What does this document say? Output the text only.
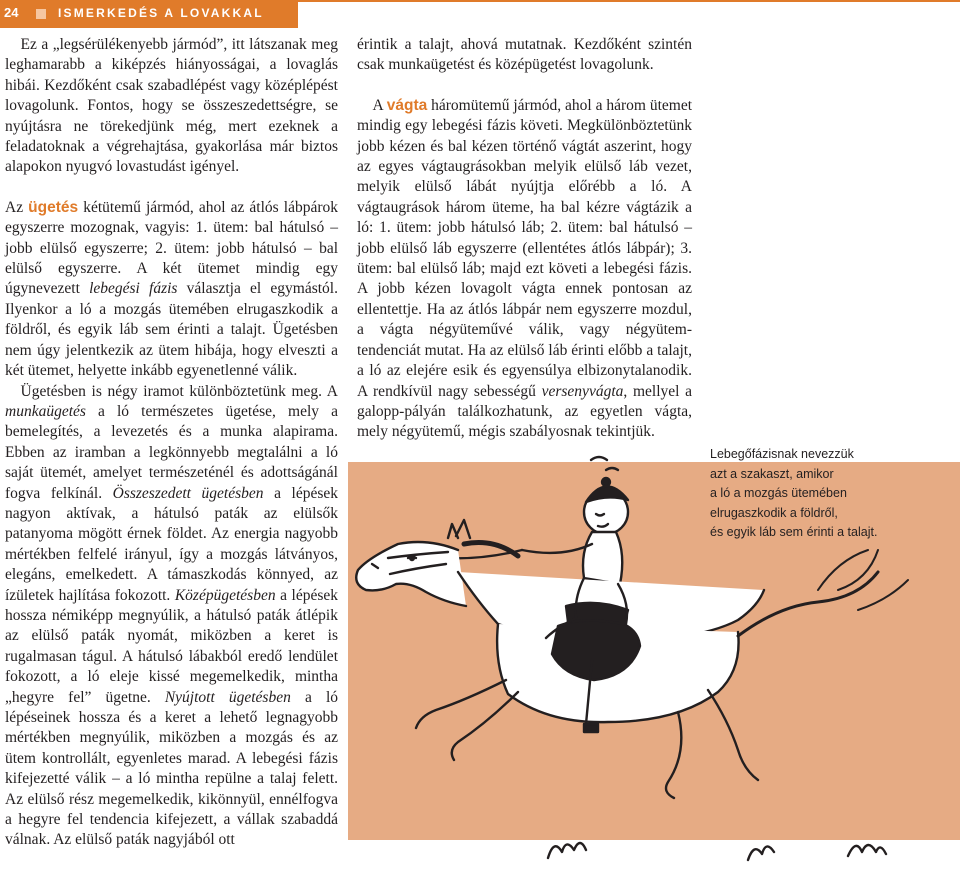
24	ISMERKEDÉS A LOVAKKAL

Ez a „legsérülékenyebb jármód”, itt látszanak meg leghamarabb a kiképzés hiányosságai, a lovaglás hibái. Kezdőként csak szabadlépést vagy középlépést lovagolunk. Fontos, hogy se összeszedettségre, se nyújtásra ne törekedjünk még, mert ezeknek a feladatoknak a végrehajtása, gyakorlása már biztos alapokon nyugvó lovastudást igényel.

Az ügetés kétütemű jármód, ahol az átlós lábpárok egyszerre mozognak, vagyis: 1. ütem: bal hátulsó – jobb elülső egyszerre; 2. ütem: jobb hátulsó – bal elülső egyszerre. A két ütemet mindig egy úgynevezett lebegési fázis választja el egymástól. Ilyenkor a ló a mozgás ütemében elrugaszkodik a földről, és egyik láb sem érinti a talajt. Ügetésben nem úgy jelentkezik az ütem hibája, hogy elveszti a két ütemet, helyette inkább egyenetlenné válik.

Ügetésben is négy iramot különböztetünk meg. A munkaügetés a ló természetes ügetése, mely a bemelegítés, a levezetés és a munka alapirama. Ebben az iramban a legkönnyebb megtalálni a ló saját ütemét, amelyet természeténél és adottságánál fogva felkínál. Összeszedett ügetésben a lépések nagyon aktívak, a hátulsó paták az elülsők patanyoma mögött érnek földet. Az energia nagyobb mértékben felfelé irányul, így a mozgás látványos, elegáns, emelkedett. A támaszkodás könnyed, az ízületek hajlítása fokozott. Középügetésben a lépések hossza némiképp megnyúlik, a hátulsó paták átlépik az elülső paták nyomát, miközben a keret is rugalmasan tágul. A hátulsó lábakból eredő lendület fokozott, a ló eleje kissé megemelkedik, mintha „hegyre fel” ügetne. Nyújtott ügetésben a ló lépéseinek hossza és a keret a lehető legnagyobb mértékben megnyúlik, miközben a mozgás és az ütem kontrollált, egyenletes marad. A lebegési fázis kifejezetté válik – a ló mintha repülne a talaj felett. Az elülső rész megemelkedik, kikönnyül, ennélfogva a hegyre fel tendencia kifejezett, a vállak szabaddá válnak. Az elülső paták nagyjából ott

érintik a talajt, ahová mutatnak. Kezdőként szintén csak munkaügetést és középügetést lovagolunk.

A vágta háromütemű jármód, ahol a három ütemet mindig egy lebegési fázis követi. Megkülönböztetünk jobb kézen és bal kézen történő vágtát aszerint, hogy az egyes vágtaugrásokban melyik elülső láb vezet, melyik elülső lábát nyújtja előrébb a ló. A vágtaugrások három üteme, ha bal kézre vágtázik a ló: 1. ütem: jobb hátulsó láb; 2. ütem: bal hátulsó – jobb elülső láb egyszerre (ellentétes átlós lábpár); 3. ütem: bal elülső láb; majd ezt követi a lebegési fázis. A jobb kézen lovagolt vágta ennek pontosan az ellentettje. Ha az átlós lábpár nem egyszerre mozdul, a vágta négyüteművé válik, vagy négyütem-tendenciát mutat. Ha az elülső láb érinti előbb a talajt, a ló az elejére esik és egyensúlya elbizonytalanodik. A rendkívül nagy sebességű versenyvágta, mellyel a galopp-pályán találkozhatunk, az egyetlen vágta, mely négyütemű, mégis szabályosnak tekintjük.

Lebegőfázisnak nevezzük
azt a szakaszt, amikor
a ló a mozgás ütemében
elrugaszkodik a földről,
és egyik láb sem érinti a talajt.
